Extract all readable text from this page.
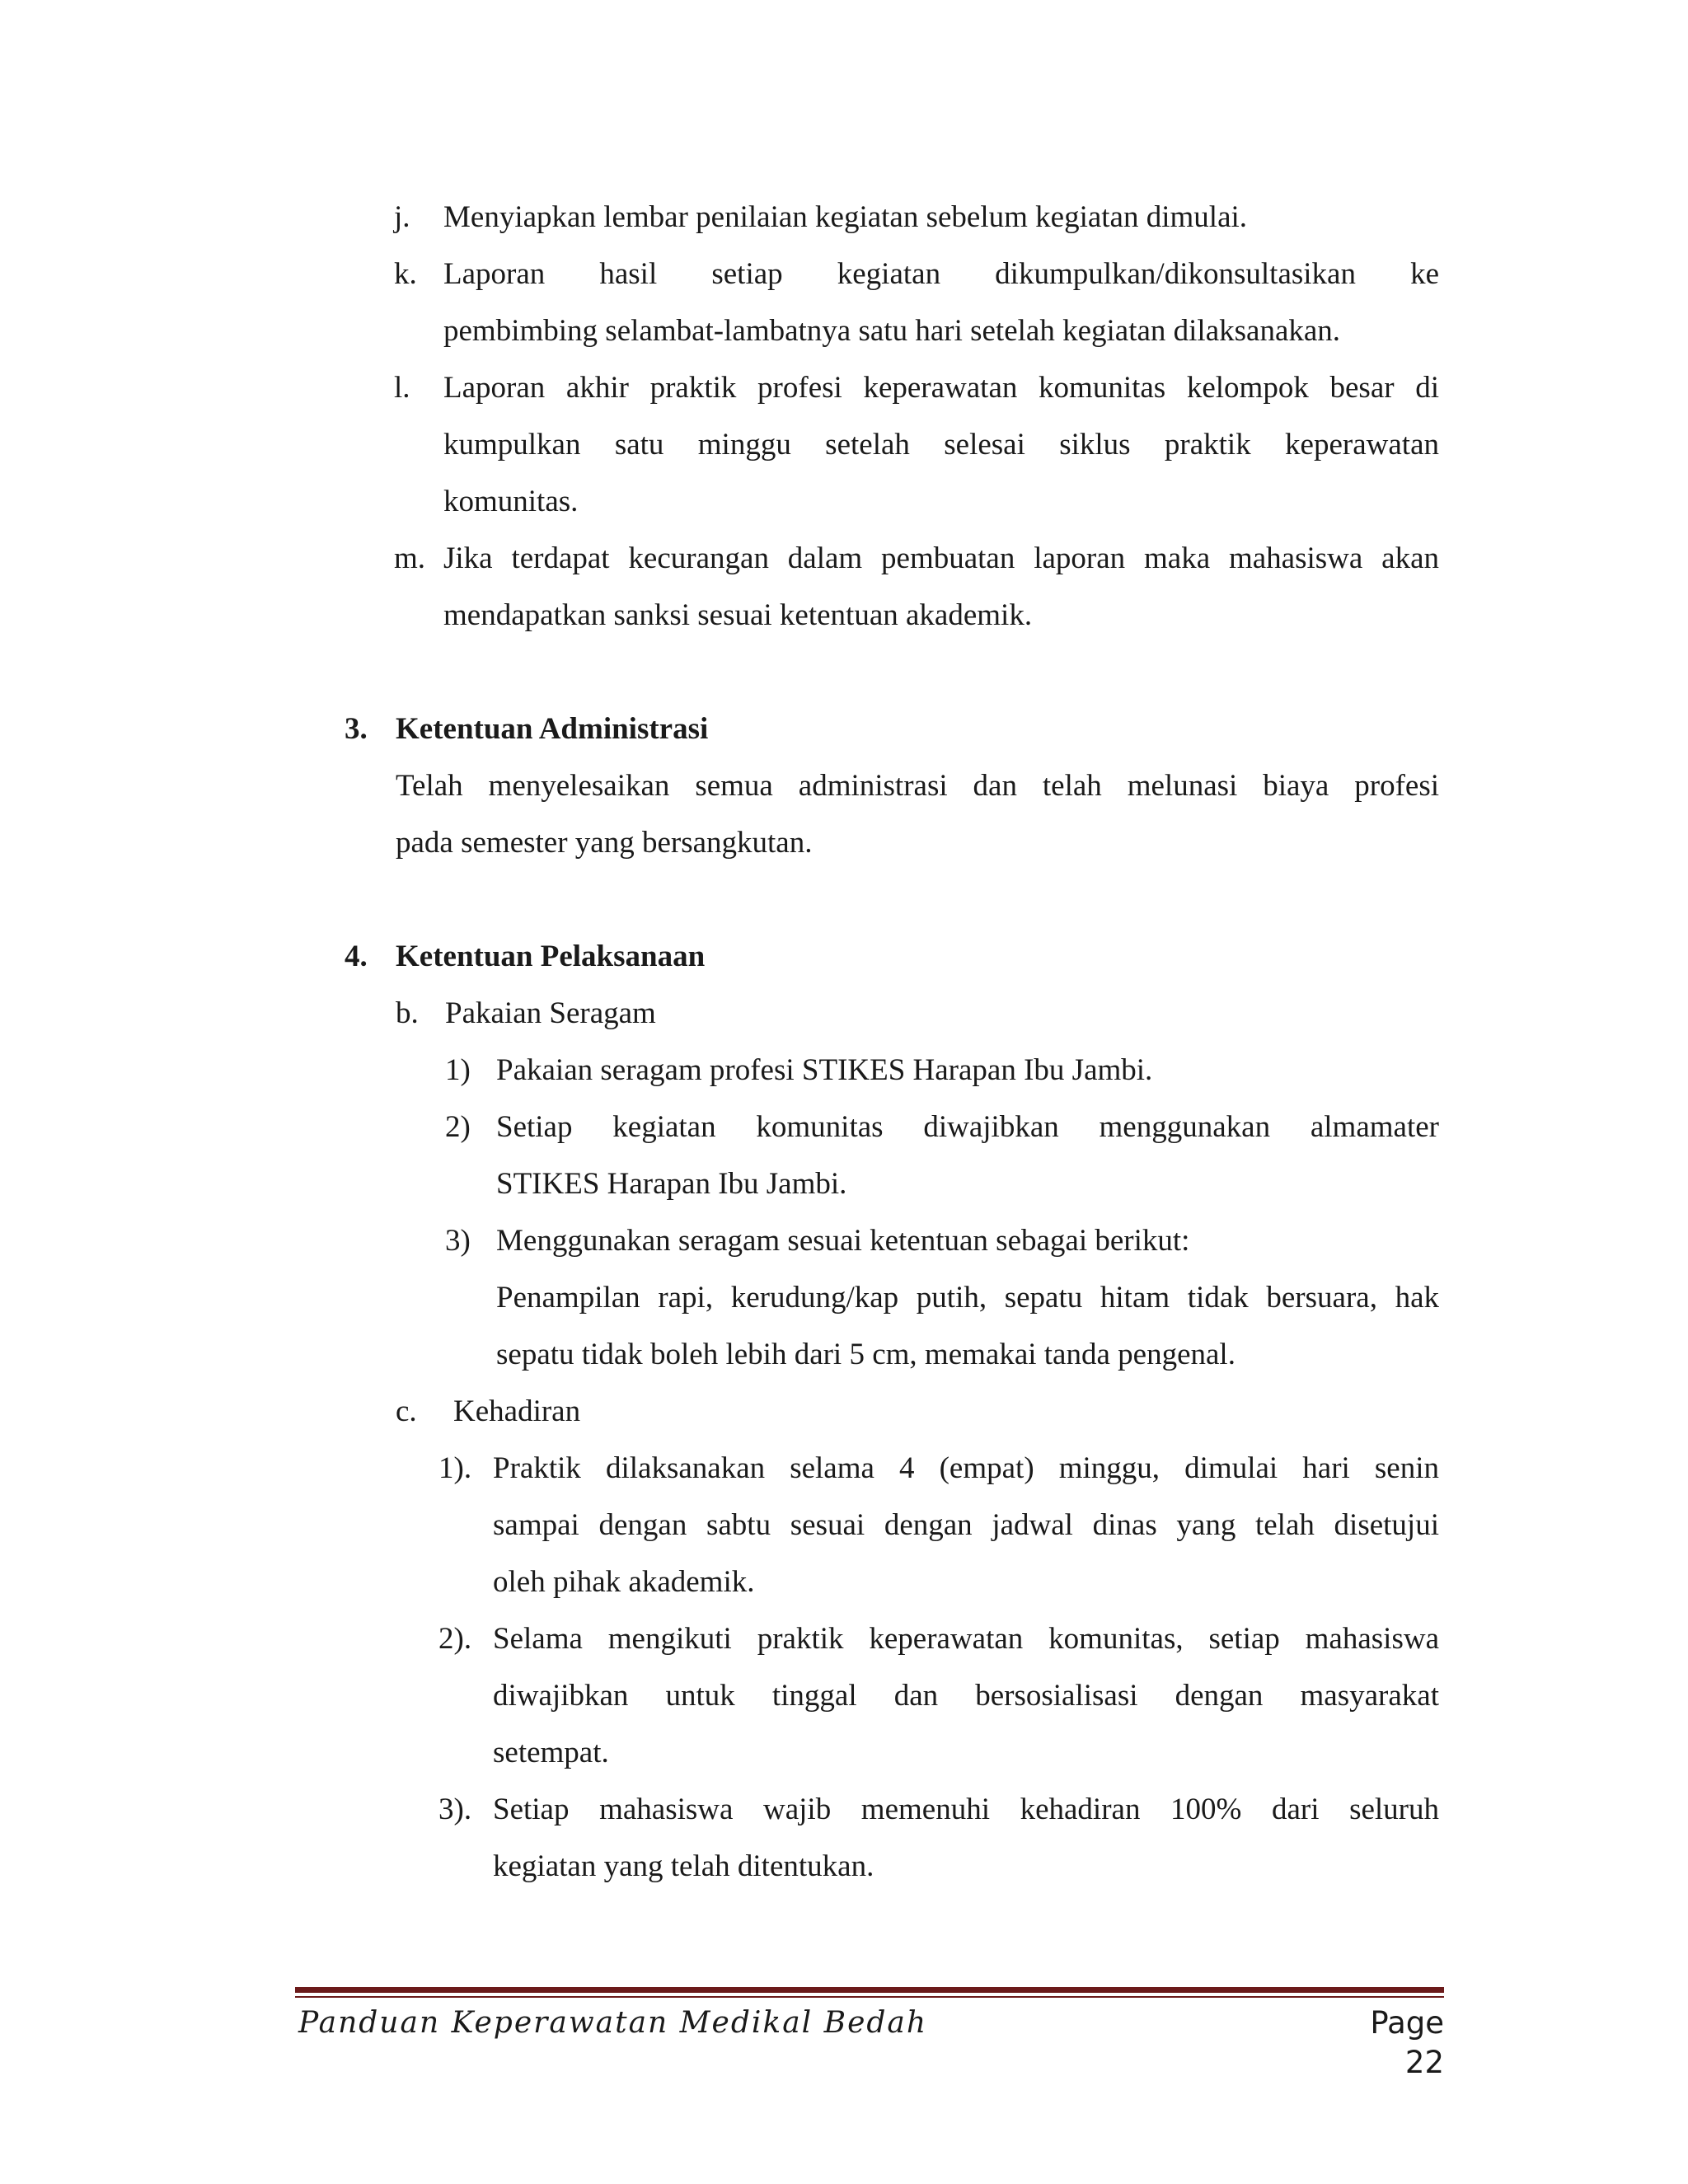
j. Menyiapkan lembar penilaian kegiatan sebelum kegiatan dimulai.
k. Laporan hasil setiap kegiatan dikumpulkan/dikonsultasikan ke
pembimbing selambat-lambatnya satu hari setelah kegiatan dilaksanakan.
l. Laporan akhir praktik profesi keperawatan komunitas kelompok besar di
kumpulkan satu minggu setelah selesai siklus praktik keperawatan
komunitas.
m. Jika terdapat kecurangan dalam pembuatan laporan maka mahasiswa akan
mendapatkan sanksi sesuai ketentuan akademik.
3. Ketentuan Administrasi
Telah menyelesaikan semua administrasi dan telah melunasi biaya profesi
pada semester yang bersangkutan.
4. Ketentuan Pelaksanaan
b. Pakaian Seragam
1) Pakaian seragam profesi STIKES Harapan Ibu Jambi.
2) Setiap kegiatan komunitas diwajibkan menggunakan almamater
STIKES Harapan Ibu Jambi.
3) Menggunakan seragam sesuai ketentuan sebagai berikut:
Penampilan rapi, kerudung/kap putih, sepatu hitam tidak bersuara, hak
sepatu tidak boleh lebih dari 5 cm, memakai tanda pengenal.
c. Kehadiran
1). Praktik dilaksanakan selama 4 (empat) minggu, dimulai hari senin
sampai dengan sabtu sesuai dengan jadwal dinas yang telah disetujui
oleh pihak akademik.
2). Selama mengikuti praktik keperawatan komunitas, setiap mahasiswa
diwajibkan untuk tinggal dan bersosialisasi dengan masyarakat
setempat.
3). Setiap mahasiswa wajib memenuhi kehadiran 100% dari seluruh
kegiatan yang telah ditentukan.
Panduan Keperawatan Medikal Bedah	Page 22
